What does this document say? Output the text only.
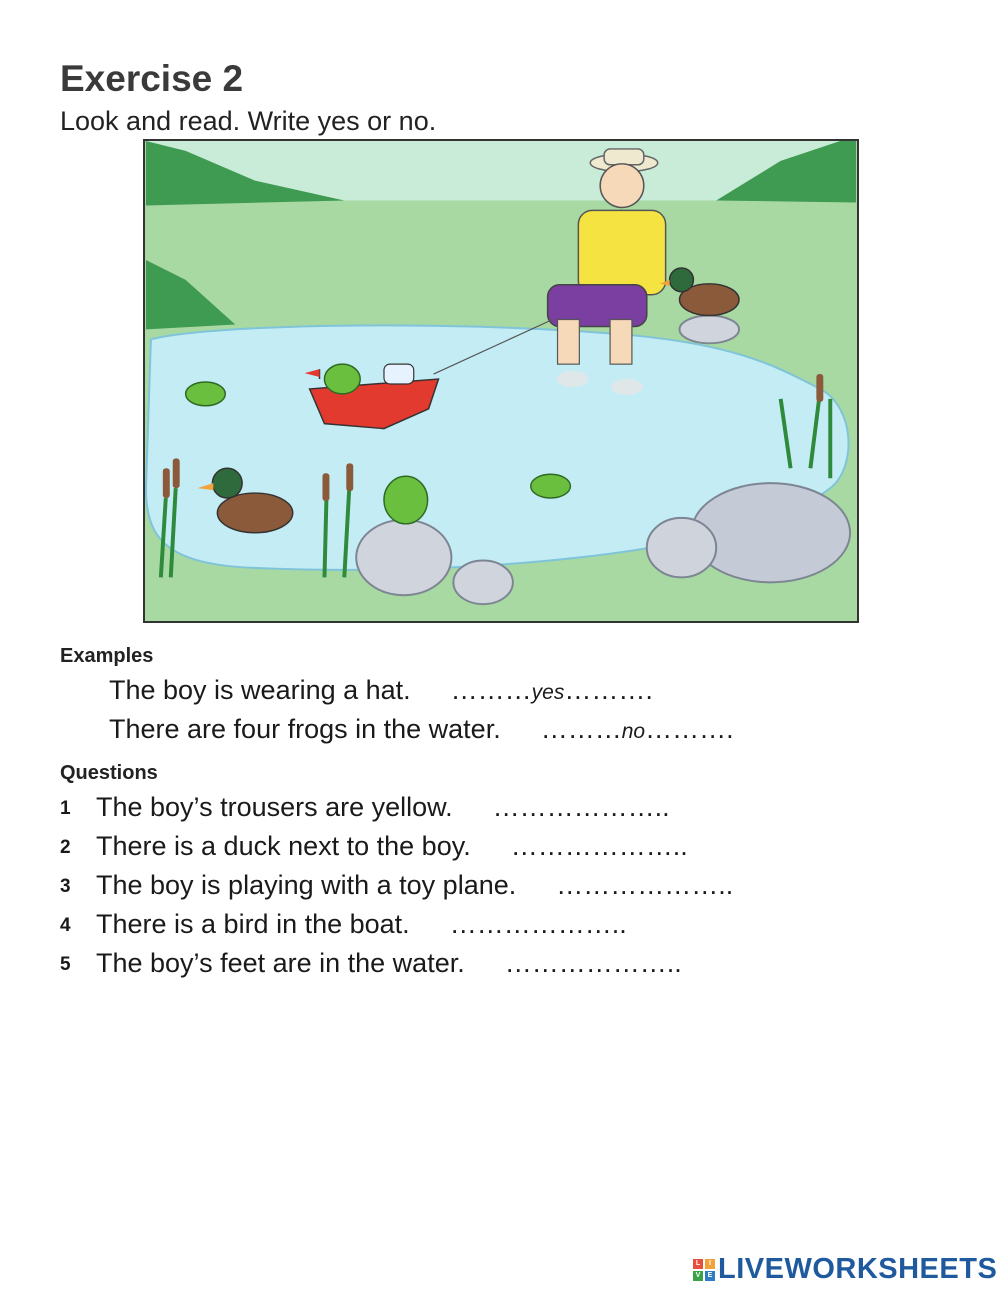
Exercise 2

Look and read. Write yes or no.

Examples
The boy is wearing a hat. ………yes……….
There are four frogs in the water. ………no……….
Questions
1 The boy’s trousers are yellow. ………………..
2 There is a duck next to the boy. ………………..
3 The boy is playing with a toy plane. ………………..
4 There is a bird in the boat. ………………..
5 The boy’s feet are in the water. ………………..
L	I
V	E LIVEWORKSHEETS
